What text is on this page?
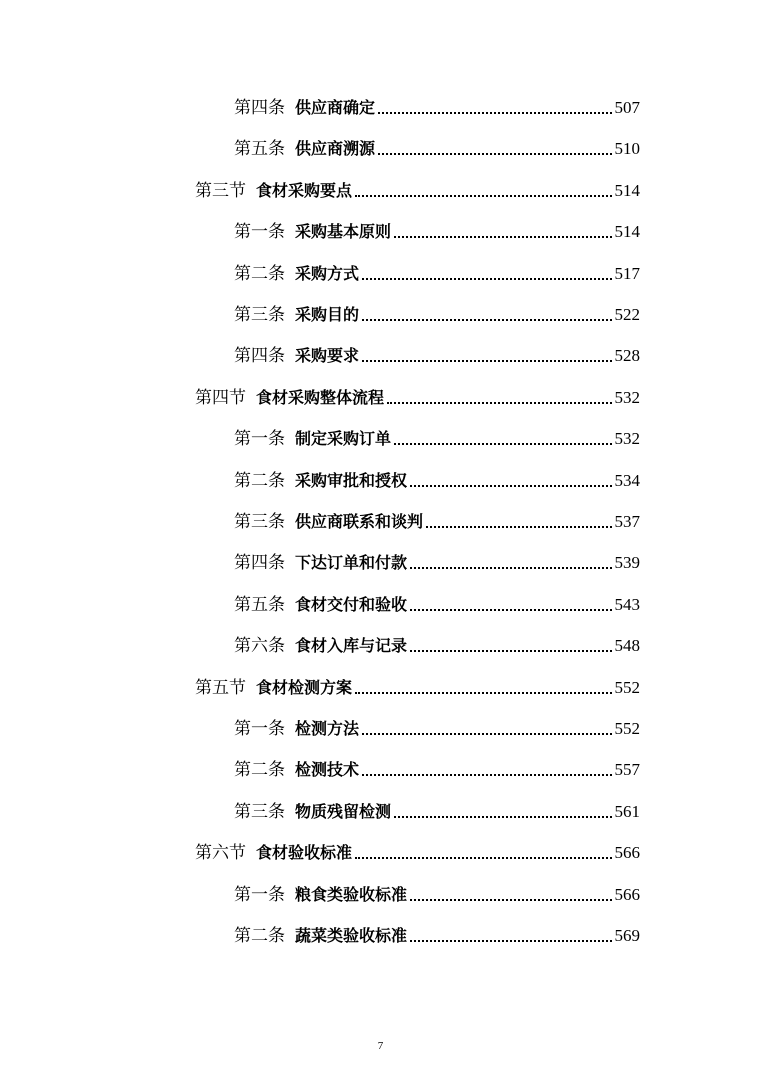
第四条 供应商确定	507
第五条 供应商溯源	510
第三节 食材采购要点	514
第一条 采购基本原则	514
第二条 采购方式	517
第三条 采购目的	522
第四条 采购要求	528
第四节 食材采购整体流程	532
第一条 制定采购订单	532
第二条 采购审批和授权	534
第三条 供应商联系和谈判	537
第四条 下达订单和付款	539
第五条 食材交付和验收	543
第六条 食材入库与记录	548
第五节 食材检测方案	552
第一条 检测方法	552
第二条 检测技术	557
第三条 物质残留检测	561
第六节 食材验收标准	566
第一条 粮食类验收标准	566
第二条 蔬菜类验收标准	569
7
